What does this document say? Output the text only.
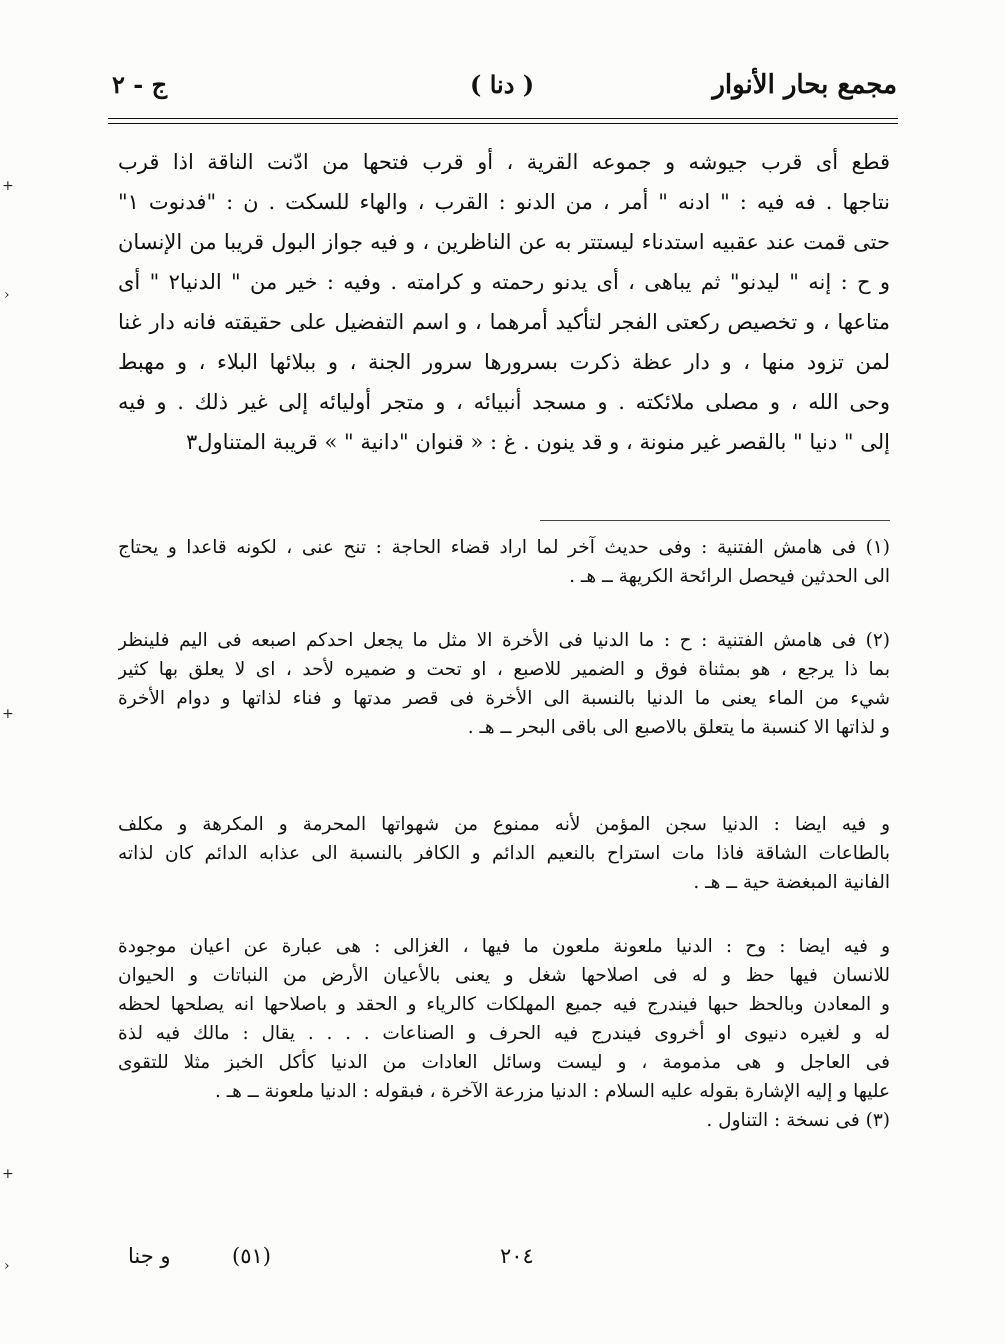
مجمع بحار الأنوار
( دنا )
ج - ٢

قطع أى قرب جيوشه و جموعه القرية ، أو قرب فتحها من ادّنت الناقة اذا قرب

نتاجها . فه فيه : " ادنه " أمر ، من الدنو : القرب ، والهاء للسكت . ن : "فدنوت ١"

حتى قمت عند عقبيه استدناء ليستتر به عن الناظرين ، و فيه جواز البول قريبا من الإنسان

و ح : إنه " ليدنو" ثم يباهى ، أى يدنو رحمته و كرامته . وفيه : خير من " الدنيا٢ " أى

متاعها ، و تخصيص ركعتى الفجر لتأكيد أمرهما ، و اسم التفضيل على حقيقته فانه دار غنا

لمن تزود منها ، و دار عظة ذكرت بسرورها سرور الجنة ، و ببلائها البلاء ، و مهبط

وحى الله ، و مصلى ملائكته . و مسجد أنبيائه ، و متجر أوليائه إلى غير ذلك . و فيه

إلى " دنيا " بالقصر غير منونة ، و قد ينون . غ : « قنوان "دانية " » قريبة المتناول٣

(١) فى هامش الفتنية : وفى حديث آخر لما اراد قضاء الحاجة : تنح عنى ، لكونه قاعدا و يحتاج

الى الحدثين فيحصل الرائحة الكريهة ــ هـ .

(٢) فى هامش الفتنية : ح : ما الدنيا فى الأخرة الا مثل ما يجعل احدكم اصبعه فى اليم فلينظر

بما ذا يرجع ، هو بمثناة فوق و الضمير للاصبع ، او تحت و ضميره لأحد ، اى لا يعلق بها كثير

شيء من الماء يعنى ما الدنيا بالنسبة الى الأخرة فى قصر مدتها و فناء لذاتها و دوام الأخرة

و لذاتها الا كنسبة ما يتعلق بالاصبع الى باقى البحر ــ هـ .

و فيه ايضا : الدنيا سجن المؤمن لأنه ممنوع من شهواتها المحرمة و المكرهة و مكلف

بالطاعات الشاقة فاذا مات استراح بالنعيم الدائم و الكافر بالنسبة الى عذابه الدائم كان لذاته

الفانية المبغضة حية ــ هـ .

و فيه ايضا : وح : الدنيا ملعونة ملعون ما فيها ، الغزالى : هى عبارة عن اعيان موجودة

للانسان فيها حظ و له فى اصلاحها شغل و يعنى بالأعيان الأرض من النباتات و الحيوان

و المعادن وبالحظ حبها فيندرج فيه جميع المهلكات كالرياء و الحقد و باصلاحها انه يصلحها لحظه

له و لغيره دنيوى او أخروى فيندرج فيه الحرف و الصناعات . . . . يقال : مالك فيه لذة

فى العاجل و هى مذمومة ، و ليست وسائل العادات من الدنيا كأكل الخبز مثلا للتقوى

عليها و إليه الإشارة بقوله عليه السلام : الدنيا مزرعة الآخرة ، فبقوله : الدنيا ملعونة ــ هـ .

(٣) فى نسخة : التناول .

٢٠٤
(٥١)
و جنا
+
›
+
+
›
